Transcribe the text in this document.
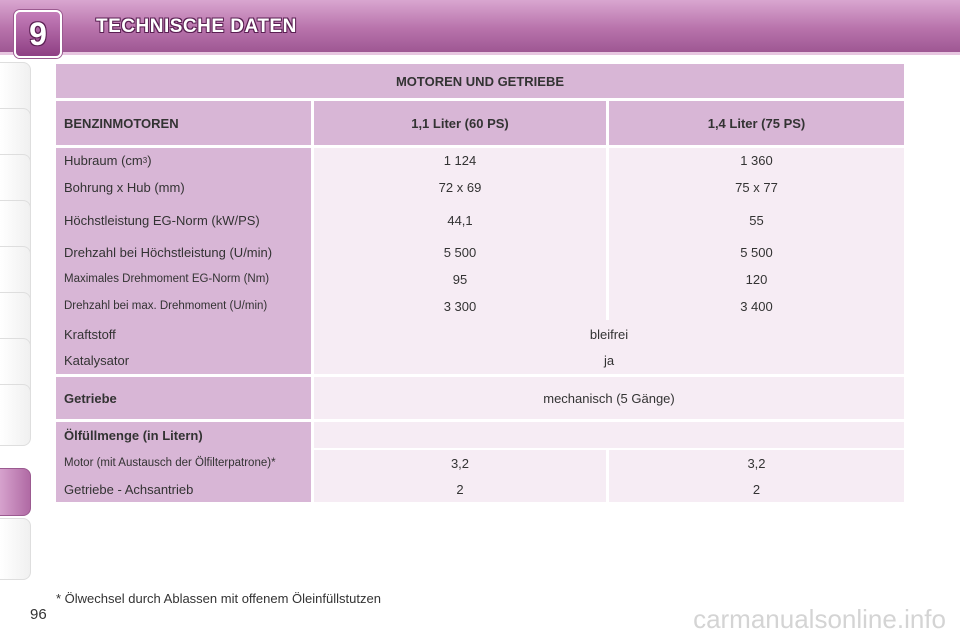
9	TECHNISCHE DATEN
MOTOREN UND GETRIEBE
BENZINMOTOREN	1,1 Liter (60 PS)	1,4 Liter (75 PS)
Hubraum (cm 3 )	1 124	1 360
Bohrung x Hub (mm)	72 x 69	75 x 77
Höchstleistung EG-Norm (kW/PS)	44,1	55
Drehzahl bei Höchstleistung (U/min)	5 500	5 500
Maximales Drehmoment EG-Norm (Nm)	95	120
Drehzahl bei max. Drehmoment (U/min)	3 300	3 400
Kraftstoff	bleifrei
Katalysator	ja
Getriebe	mechanisch (5 Gänge)
Ölfüllmenge (in Litern)
Motor (mit Austausch der Ölfilterpatrone)*	3,2	3,2
Getriebe - Achsantrieb	2	2
* Ölwechsel durch Ablassen mit offenem Öleinfüllstutzen
96	carmanualsonline.info
